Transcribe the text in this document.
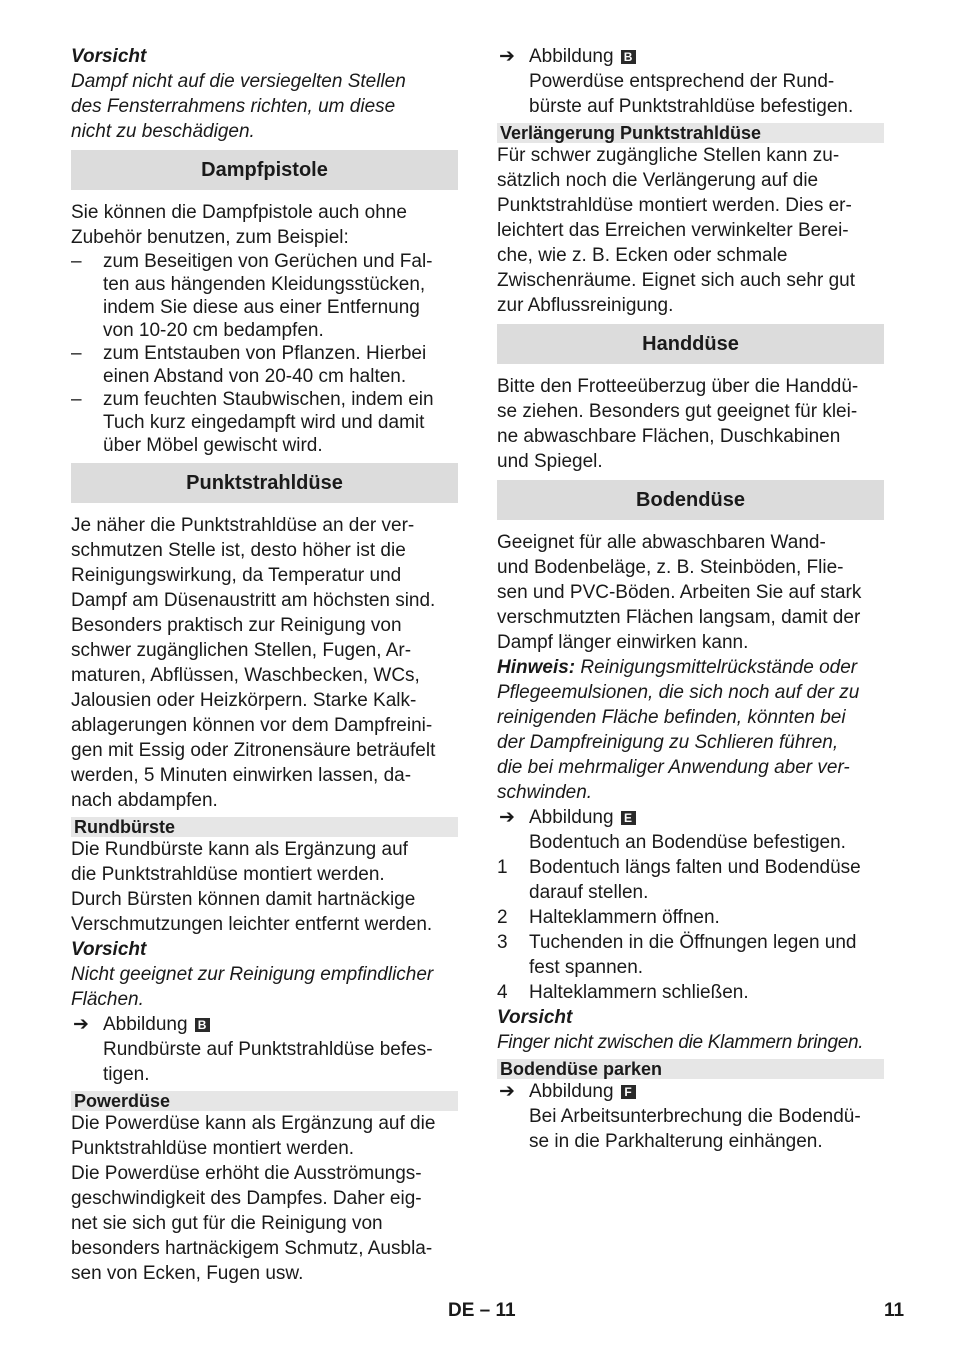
Vorsicht

Dampf nicht auf die versiegelten Stellen

des Fensterrahmens richten, um diese

nicht zu beschädigen.

Dampfpistole

Sie können die Dampfpistole auch ohne

Zubehör benutzen, zum Beispiel:

– zum Beseitigen von Gerüchen und Fal-
ten aus hängenden Kleidungsstücken,
indem Sie diese aus einer Entfernung
von 10-20 cm bedampfen.
– zum Entstauben von Pflanzen. Hierbei
einen Abstand von 20-40 cm halten.
– zum feuchten Staubwischen, indem ein
Tuch kurz eingedampft wird und damit
über Möbel gewischt wird.
Punktstrahldüse

Je näher die Punktstrahldüse an der ver-

schmutzen Stelle ist, desto höher ist die

Reinigungswirkung, da Temperatur und

Dampf am Düsenaustritt am höchsten sind.

Besonders praktisch zur Reinigung von

schwer zugänglichen Stellen, Fugen, Ar-

maturen, Abflüssen, Waschbecken, WCs,

Jalousien oder Heizkörpern. Starke Kalk-

ablagerungen können vor dem Dampfreini-

gen mit Essig oder Zitronensäure beträufelt

werden, 5 Minuten einwirken lassen, da-

nach abdampfen.

Rundbürste

Die Rundbürste kann als Ergänzung auf

die Punktstrahldüse montiert werden.

Durch Bürsten können damit hartnäckige

Verschmutzungen leichter entfernt werden.

Vorsicht

Nicht geeignet zur Reinigung empfindlicher

Flächen.

➔ Abbildung B
Rundbürste auf Punktstrahldüse befes-
tigen.
Powerdüse

Die Powerdüse kann als Ergänzung auf die

Punktstrahldüse montiert werden.

Die Powerdüse erhöht die Ausströmungs-

geschwindigkeit des Dampfes. Daher eig-

net sie sich gut für die Reinigung von

besonders hartnäckigem Schmutz, Ausbla-

sen von Ecken, Fugen usw.

➔ Abbildung B
Powerdüse entsprechend der Rund-
bürste auf Punktstrahldüse befestigen.
Verlängerung Punktstrahldüse

Für schwer zugängliche Stellen kann zu-

sätzlich noch die Verlängerung auf die

Punktstrahldüse montiert werden. Dies er-

leichtert das Erreichen verwinkelter Berei-

che, wie z. B. Ecken oder schmale

Zwischenräume. Eignet sich auch sehr gut

zur Abflussreinigung.

Handdüse

Bitte den Frotteeüberzug über die Handdü-

se ziehen. Besonders gut geeignet für klei-

ne abwaschbare Flächen, Duschkabinen

und Spiegel.

Bodendüse

Geeignet für alle abwaschbaren Wand-

und Bodenbeläge, z. B. Steinböden, Flie-

sen und PVC-Böden. Arbeiten Sie auf stark

verschmutzten Flächen langsam, damit der

Dampf länger einwirken kann.

Hinweis: Reinigungsmittelrückstände oder

Pflegeemulsionen, die sich noch auf der zu

reinigenden Fläche befinden, könnten bei

der Dampfreinigung zu Schlieren führen,

die bei mehrmaliger Anwendung aber ver-

schwinden.

➔ Abbildung E
Bodentuch an Bodendüse befestigen.
1 Bodentuch längs falten und Bodendüse
darauf stellen.
2 Halteklammern öffnen.
3 Tuchenden in die Öffnungen legen und
fest spannen.
4 Halteklammern schließen.

Vorsicht

Finger nicht zwischen die Klammern bringen.

Bodendüse parken
➔ Abbildung F
Bei Arbeitsunterbrechung die Bodendü-
se in die Parkhalterung einhängen.
DE – 11	11
